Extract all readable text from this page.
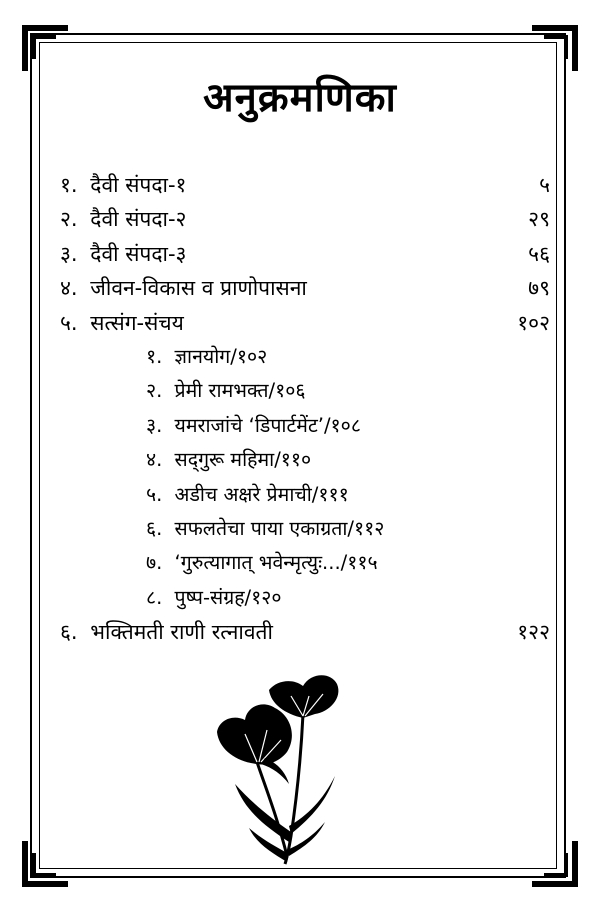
अनुक्रमणिका
१. दैवी संपदा-१	५
२. दैवी संपदा-२	२९
३. दैवी संपदा-३	५६
४. जीवन-विकास व प्राणोपासना	७९
५. सत्संग-संचय	१०२
१. ज्ञानयोग/१०२
२. प्रेमी रामभक्त/१०६
३. यमराजांचे ‘डिपार्टमेंट’/१०८
४. सद्‌गुरू महिमा/११०
५. अडीच अक्षरे प्रेमाची/१११
६. सफलतेचा पाया एकाग्रता/११२
७. ‘गुरुत्यागात् भवेन्मृत्युः.../११५
८. पुष्प-संग्रह/१२०
६. भक्तिमती राणी रत्नावती	१२२
